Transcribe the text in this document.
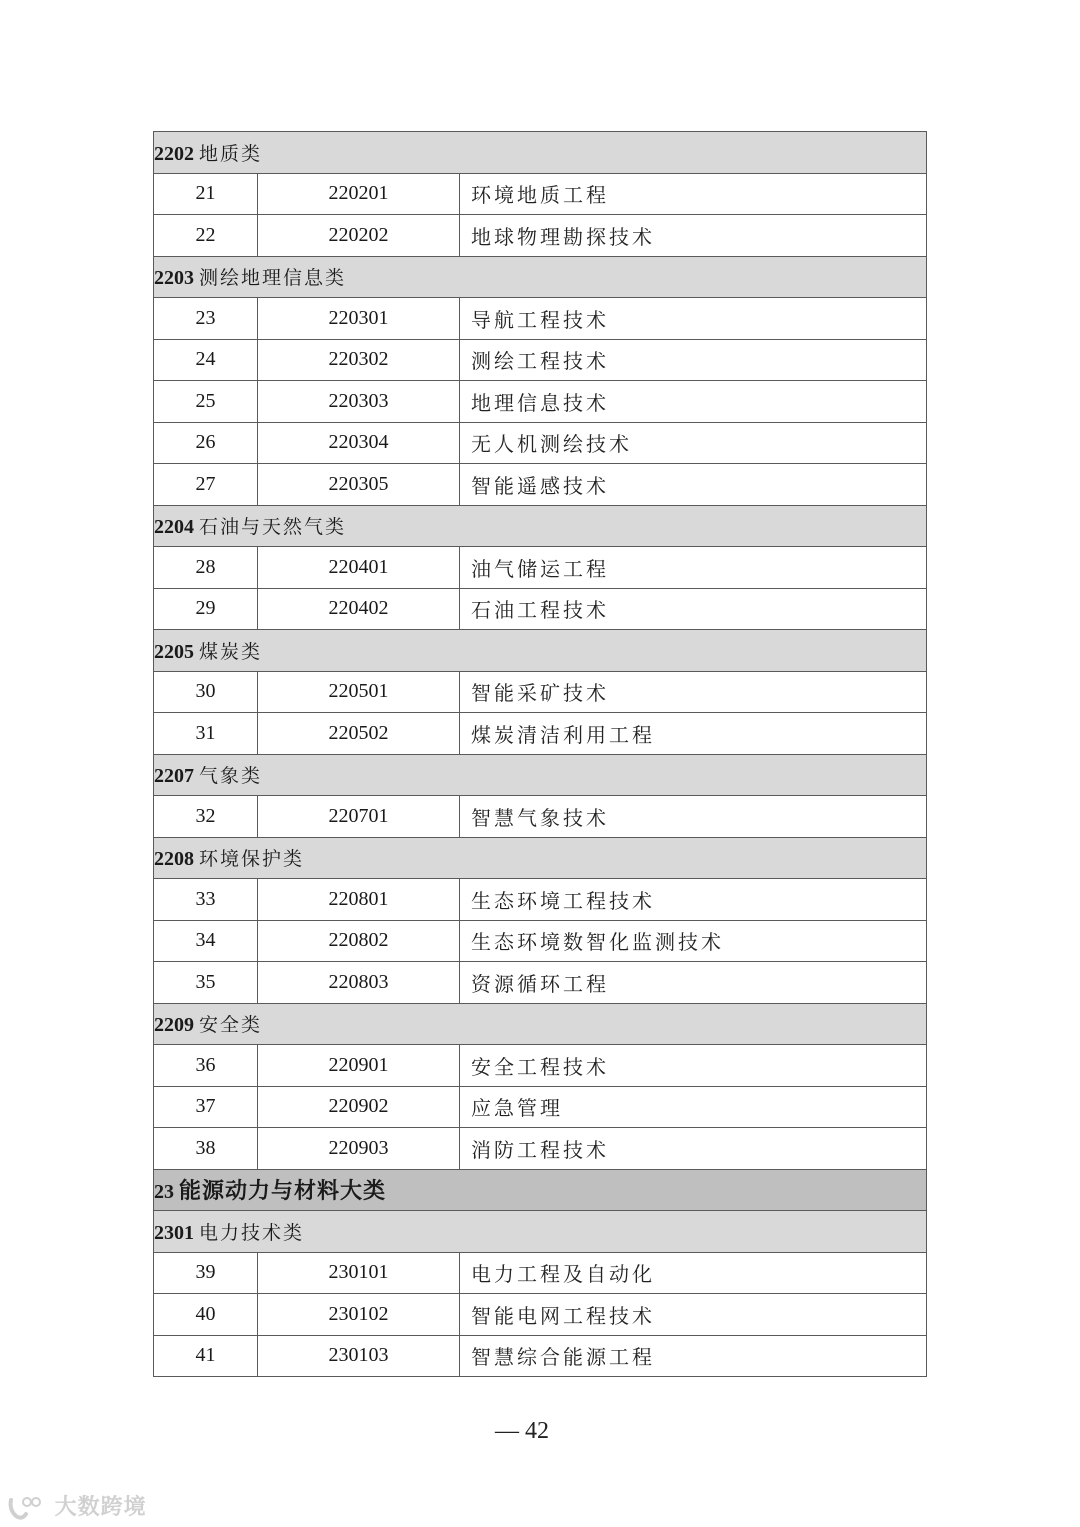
2202 地质类		
21	220201	环境地质工程
22	220202	地球物理勘探技术
2203 测绘地理信息类		
23	220301	导航工程技术
24	220302	测绘工程技术
25	220303	地理信息技术
26	220304	无人机测绘技术
27	220305	智能遥感技术
2204 石油与天然气类		
28	220401	油气储运工程
29	220402	石油工程技术
2205 煤炭类		
30	220501	智能采矿技术
31	220502	煤炭清洁利用工程
2207 气象类		
32	220701	智慧气象技术
2208 环境保护类		
33	220801	生态环境工程技术
34	220802	生态环境数智化监测技术
35	220803	资源循环工程
2209 安全类		
36	220901	安全工程技术
37	220902	应急管理
38	220903	消防工程技术
23 能源动力与材料大类		
2301 电力技术类		
39	230101	电力工程及自动化
40	230102	智能电网工程技术
41	230103	智慧综合能源工程
— 42
大数跨境
